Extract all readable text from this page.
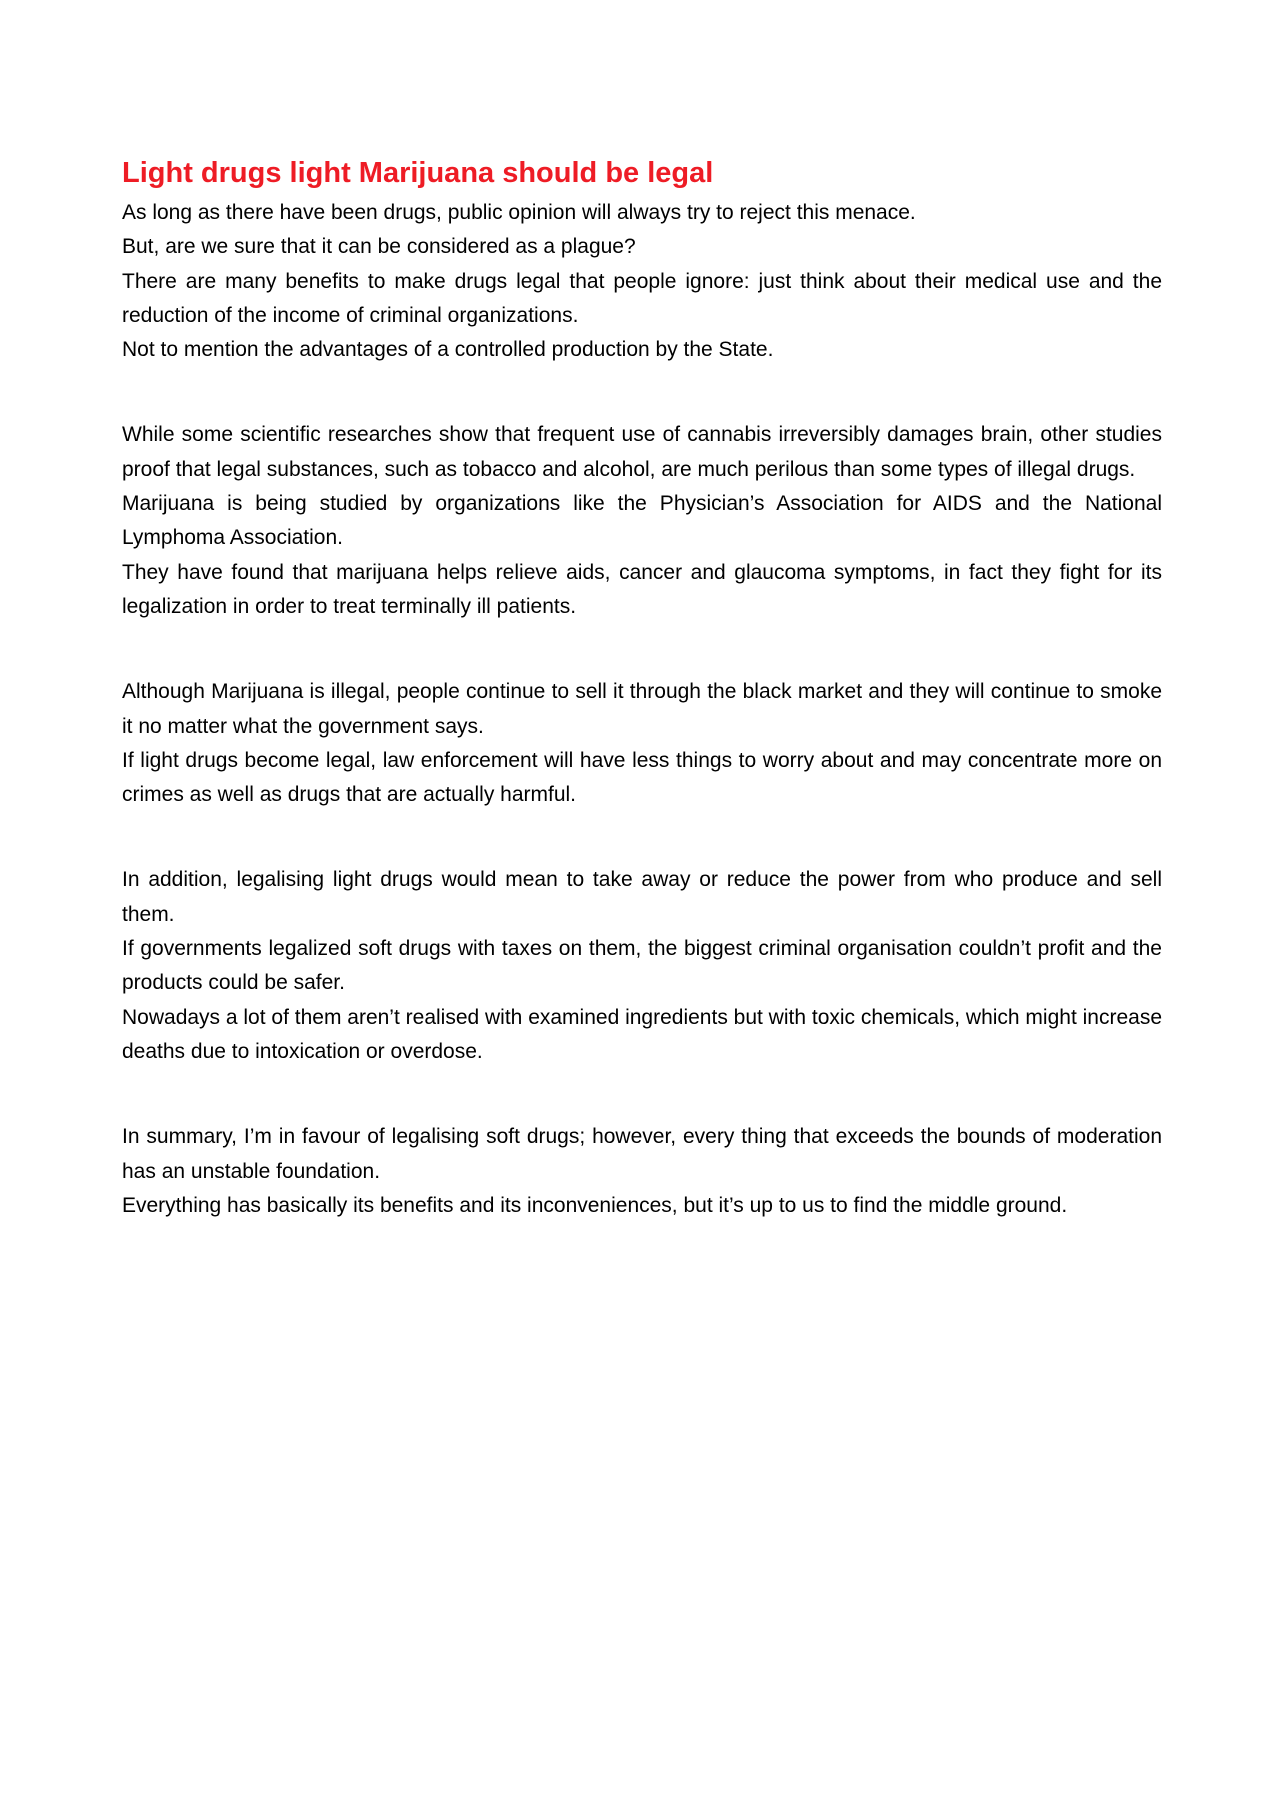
Light drugs light Marijuana should be legal

As long as there have been drugs, public opinion will always try to reject this menace.

But, are we sure that it can be considered as a plague?

There are many benefits to make drugs legal that people ignore: just think about their medical use and the reduction of the income of criminal organizations.

Not to mention the advantages of a controlled production by the State.

While some scientific researches show that frequent use of cannabis irreversibly damages brain, other studies proof that legal substances, such as tobacco and alcohol, are much perilous than some types of illegal drugs.

Marijuana is being studied by organizations like the Physician’s Association for AIDS and the National Lymphoma Association.

They have found that marijuana helps relieve aids, cancer and glaucoma symptoms, in fact they fight for its legalization in order to treat terminally ill patients.

Although Marijuana is illegal, people continue to sell it through the black market and they will continue to smoke it no matter what the government says.

If light drugs become legal, law enforcement will have less things to worry about and may concentrate more on crimes as well as drugs that are actually harmful.

In addition, legalising light drugs would mean to take away or reduce the power from who produce and sell them.

If governments legalized soft drugs with taxes on them, the biggest criminal organisation couldn’t profit and the products could be safer.

Nowadays a lot of them aren’t realised with examined ingredients but with toxic chemicals, which might increase deaths due to intoxication or overdose.

In summary, I’m in favour of legalising soft drugs; however, every thing that exceeds the bounds of moderation has an unstable foundation.

Everything has basically its benefits and its inconveniences, but it’s up to us to find the middle ground.
